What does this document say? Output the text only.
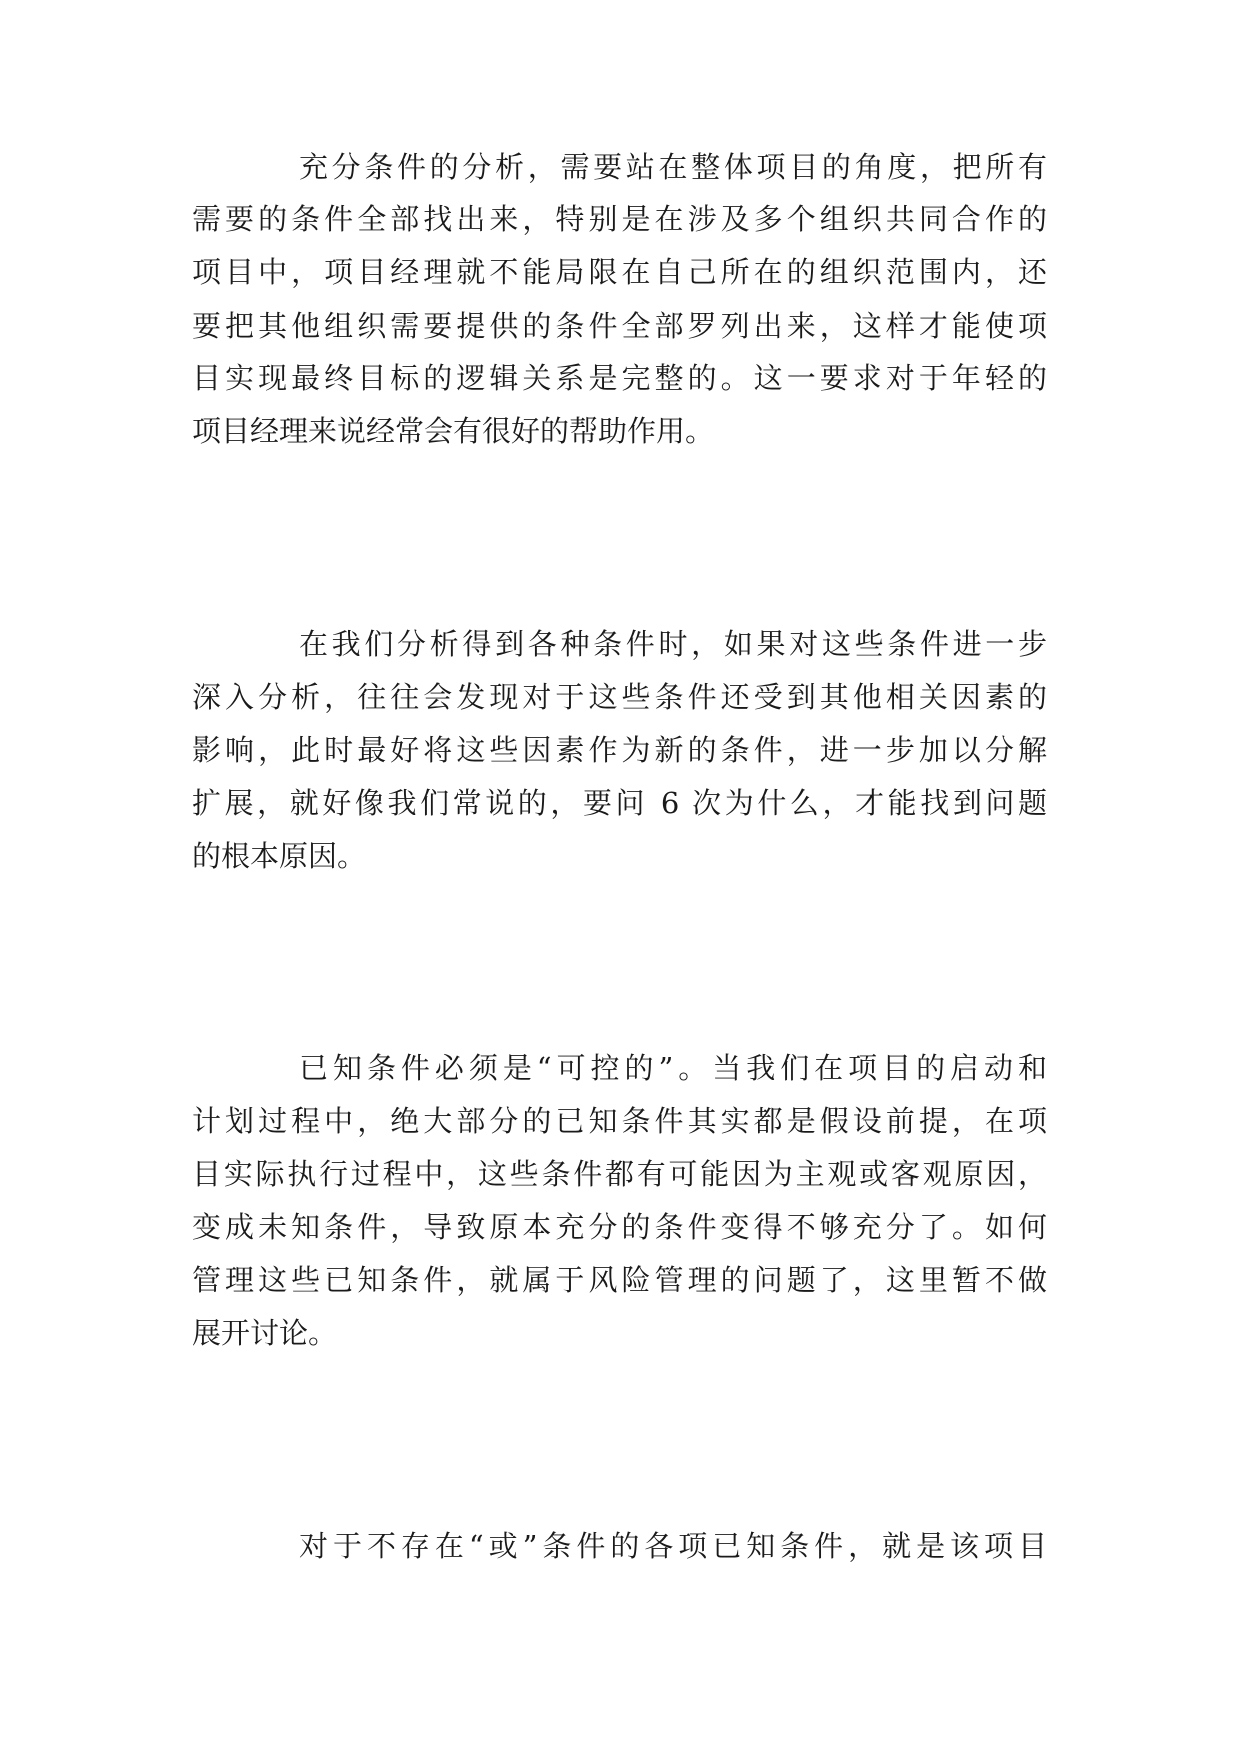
充分条件的分析，需要站在整体项目的角度，把所有
需要的条件全部找出来，特别是在涉及多个组织共同合作的
项目中，项目经理就不能局限在自己所在的组织范围内，还
要把其他组织需要提供的条件全部罗列出来，这样才能使项
目实现最终目标的逻辑关系是完整的。这一要求对于年轻的
项目经理来说经常会有很好的帮助作用。
在我们分析得到各种条件时，如果对这些条件进一步
深入分析，往往会发现对于这些条件还受到其他相关因素的
影响，此时最好将这些因素作为新的条件，进一步加以分解
扩展，就好像我们常说的，要问 6 次为什么，才能找到问题
的根本原因。
已知条件必须是“可控的”。当我们在项目的启动和
计划过程中，绝大部分的已知条件其实都是假设前提，在项
目实际执行过程中，这些条件都有可能因为主观或客观原因，
变成未知条件，导致原本充分的条件变得不够充分了。如何
管理这些已知条件，就属于风险管理的问题了，这里暂不做
展开讨论。
对于不存在“或”条件的各项已知条件，就是该项目
